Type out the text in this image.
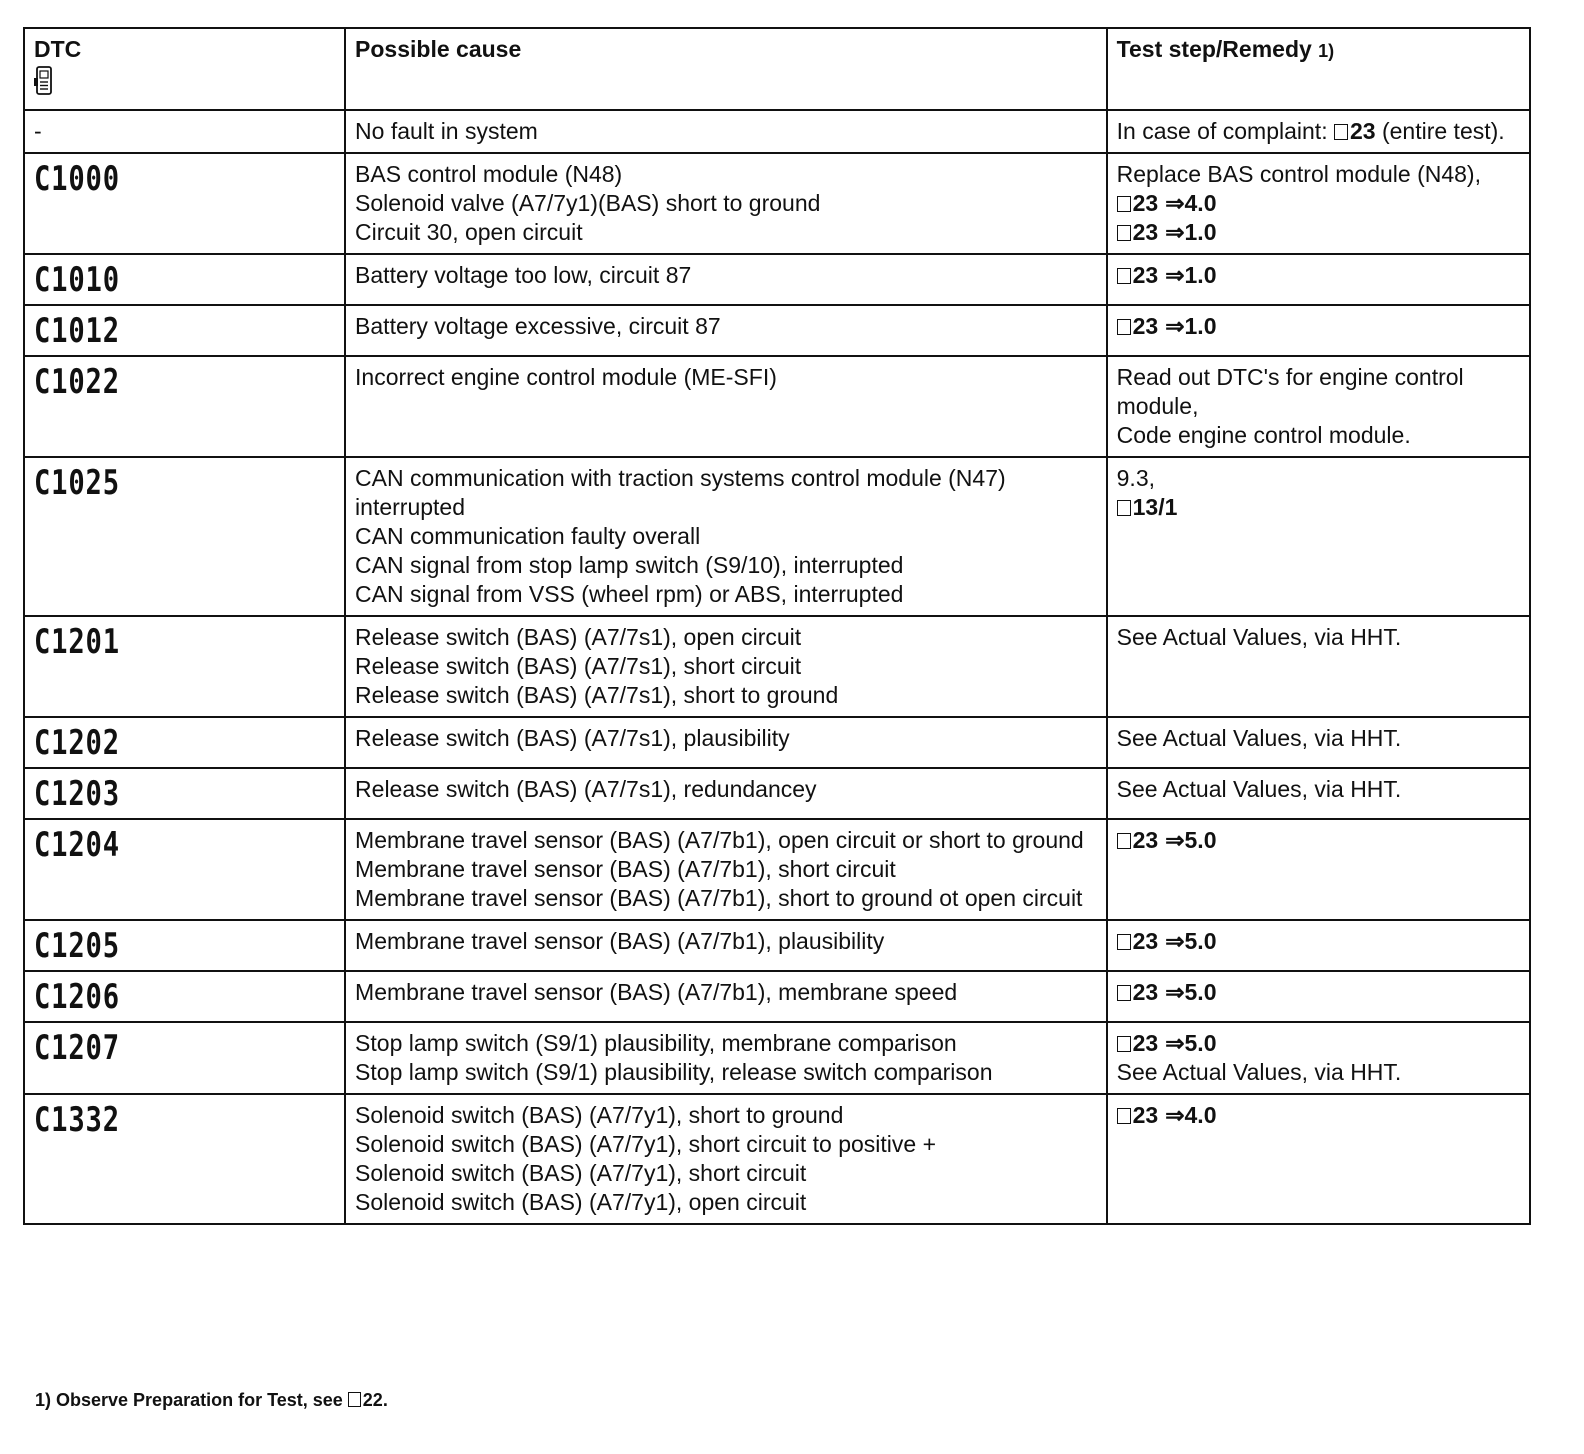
DTC	Possible cause	Test step/Remedy 1)
-	No fault in system	In case of complaint: 23 (entire test).

C1000	BAS control module (N48)
Solenoid valve (A7/7y1)(BAS) short to ground
Circuit 30, open circuit	Replace BAS control module (N48),
23 ⇒4.0
23 ⇒1.0

C1010	Battery voltage too low, circuit 87	23 ⇒1.0

C1012	Battery voltage excessive, circuit 87	23 ⇒1.0

C1022	Incorrect engine control module (ME-SFI)	Read out DTC's for engine control module,
Code engine control module.

C1025	CAN communication with traction systems control module (N47) interrupted
CAN communication faulty overall
CAN signal from stop lamp switch (S9/10), interrupted
CAN signal from VSS (wheel rpm) or ABS, interrupted	9.3,
13/1

C1201	Release switch (BAS) (A7/7s1), open circuit
Release switch (BAS) (A7/7s1), short circuit
Release switch (BAS) (A7/7s1), short to ground	See Actual Values, via HHT.

C1202	Release switch (BAS) (A7/7s1), plausibility	See Actual Values, via HHT.

C1203	Release switch (BAS) (A7/7s1), redundancey	See Actual Values, via HHT.

C1204	Membrane travel sensor (BAS) (A7/7b1), open circuit or short to ground
Membrane travel sensor (BAS) (A7/7b1), short circuit
Membrane travel sensor (BAS) (A7/7b1), short to ground ot open circuit	23 ⇒5.0

C1205	Membrane travel sensor (BAS) (A7/7b1), plausibility	23 ⇒5.0

C1206	Membrane travel sensor (BAS) (A7/7b1), membrane speed	23 ⇒5.0

C1207	Stop lamp switch (S9/1) plausibility, membrane comparison
Stop lamp switch (S9/1) plausibility, release switch comparison	23 ⇒5.0
See Actual Values, via HHT.

C1332	Solenoid switch (BAS) (A7/7y1), short to ground
Solenoid switch (BAS) (A7/7y1), short circuit to positive +
Solenoid switch (BAS) (A7/7y1), short circuit
Solenoid switch (BAS) (A7/7y1), open circuit	23 ⇒4.0
1) Observe Preparation for Test, see 22.
